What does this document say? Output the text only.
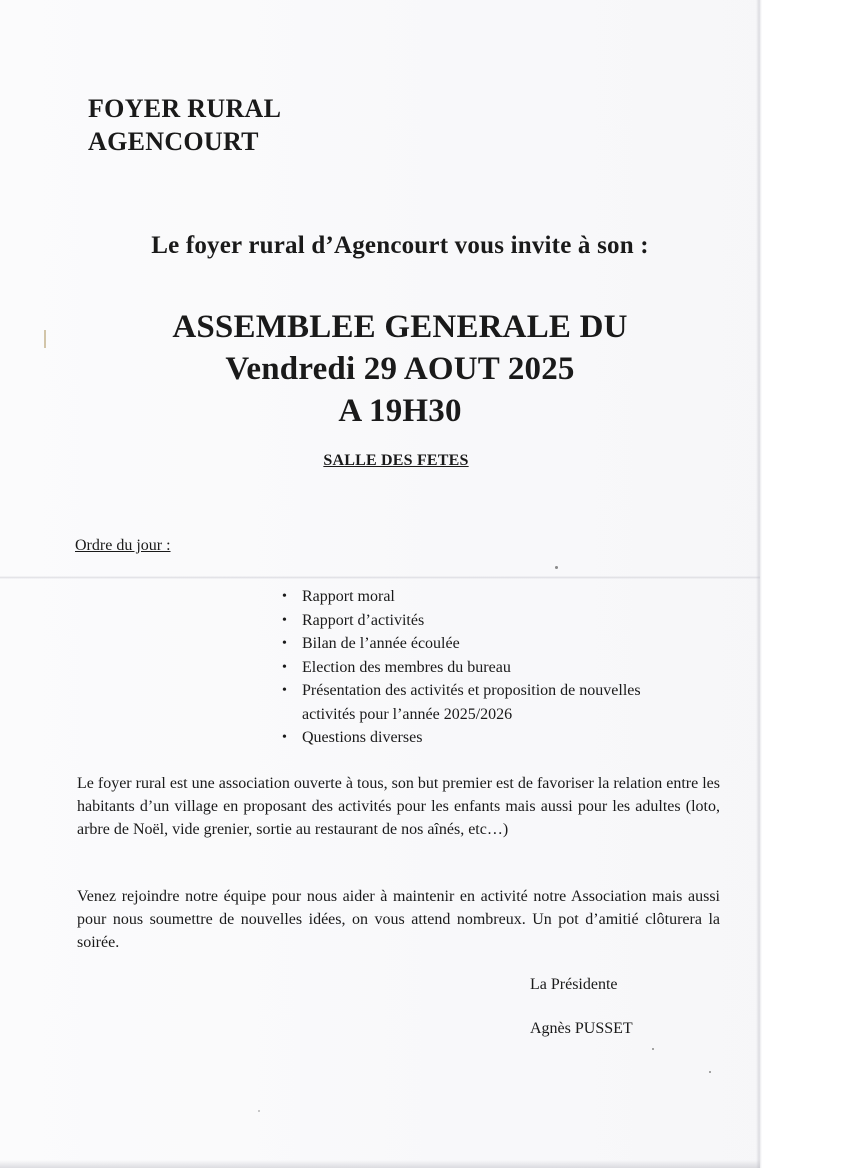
FOYER RURAL
AGENCOURT
Le foyer rural d’Agencourt vous invite à son :
ASSEMBLEE GENERALE DU
Vendredi 29 AOUT 2025
A 19H30
SALLE DES FETES
Ordre du jour :
• Rapport moral
• Rapport d’activités
• Bilan de l’année écoulée
• Election des membres du bureau
• Présentation des activités et proposition de nouvelles activités pour l’année 2025/2026
• Questions diverses
Le foyer rural est une association ouverte à tous, son but premier est de favoriser la relation entre les habitants d’un village en proposant des activités pour les enfants mais aussi pour les adultes (loto, arbre de Noël, vide grenier, sortie au restaurant de nos aînés, etc…)
Venez rejoindre notre équipe pour nous aider à maintenir en activité notre Association mais aussi pour nous soumettre de nouvelles idées, on vous attend nombreux. Un pot d’amitié clôturera la soirée.
La Présidente
Agnès PUSSET
